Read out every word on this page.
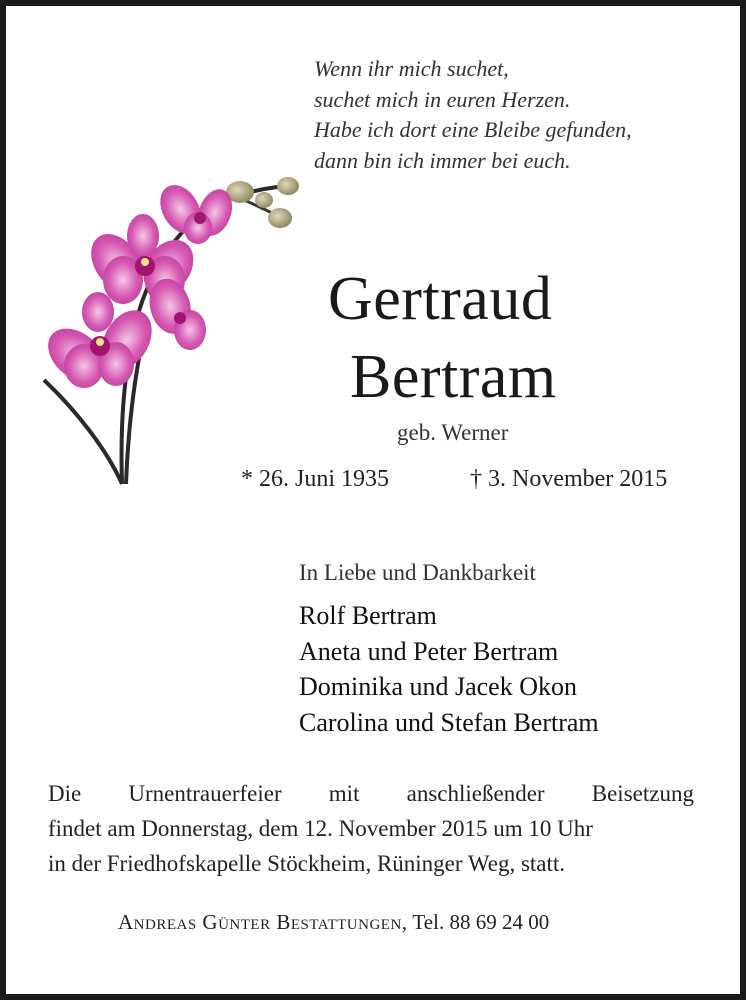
Wenn ihr mich suchet,
suchet mich in euren Herzen.
Habe ich dort eine Bleibe gefunden,
dann bin ich immer bei euch.
Gertraud
Bertram
geb. Werner
* 26. Juni 1935	† 3. November 2015
In Liebe und Dankbarkeit
Rolf Bertram
Aneta und Peter Bertram
Dominika und Jacek Okon
Carolina und Stefan Bertram
Die Urnentrauerfeier mit anschließender Beisetzung
findet am Donnerstag, dem 12. November 2015 um 10 Uhr
in der Friedhofskapelle Stöckheim, Rüninger Weg, statt.
Andreas Günter Bestattungen, Tel. 88 69 24 00
